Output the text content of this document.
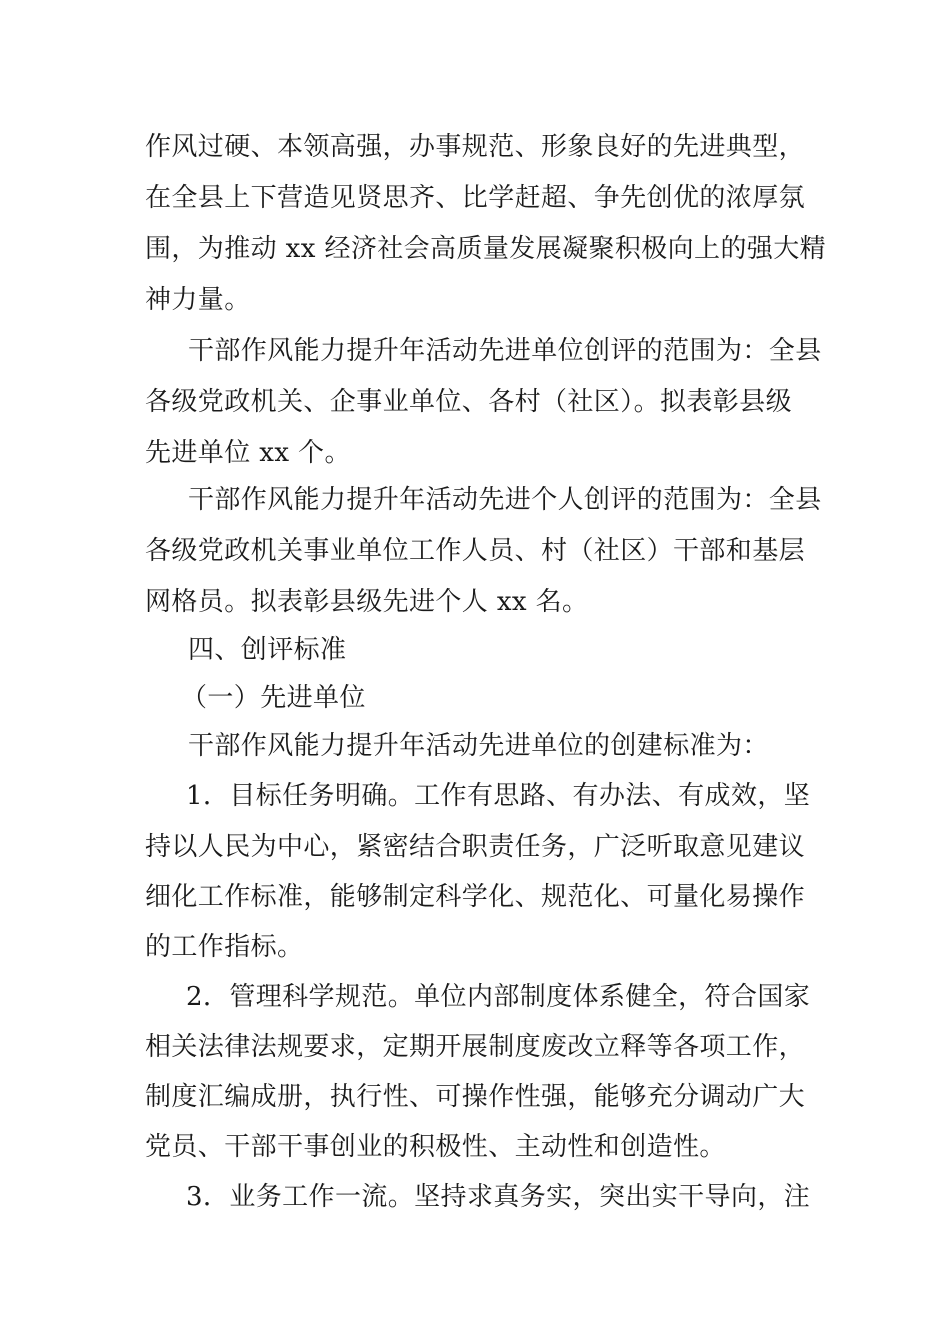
作风过硬、本领高强，办事规范、形象良好的先进典型，
在全县上下营造见贤思齐、比学赶超、争先创优的浓厚氛
围，为推动 xx 经济社会高质量发展凝聚积极向上的强大精
神力量。
干部作风能力提升年活动先进单位创评的范围为：全县
各级党政机关、企事业单位、各村（社区）。拟表彰县级
先进单位 xx 个。
干部作风能力提升年活动先进个人创评的范围为：全县
各级党政机关事业单位工作人员、村（社区）干部和基层
网格员。拟表彰县级先进个人 xx 名。
四、创评标准
（一）先进单位
干部作风能力提升年活动先进单位的创建标准为：
1．目标任务明确。工作有思路、有办法、有成效，坚
持以人民为中心，紧密结合职责任务，广泛听取意见建议
细化工作标准，能够制定科学化、规范化、可量化易操作
的工作指标。
2．管理科学规范。单位内部制度体系健全，符合国家
相关法律法规要求，定期开展制度废改立释等各项工作，
制度汇编成册，执行性、可操作性强，能够充分调动广大
党员、干部干事创业的积极性、主动性和创造性。
3．业务工作一流。坚持求真务实，突出实干导向，注
